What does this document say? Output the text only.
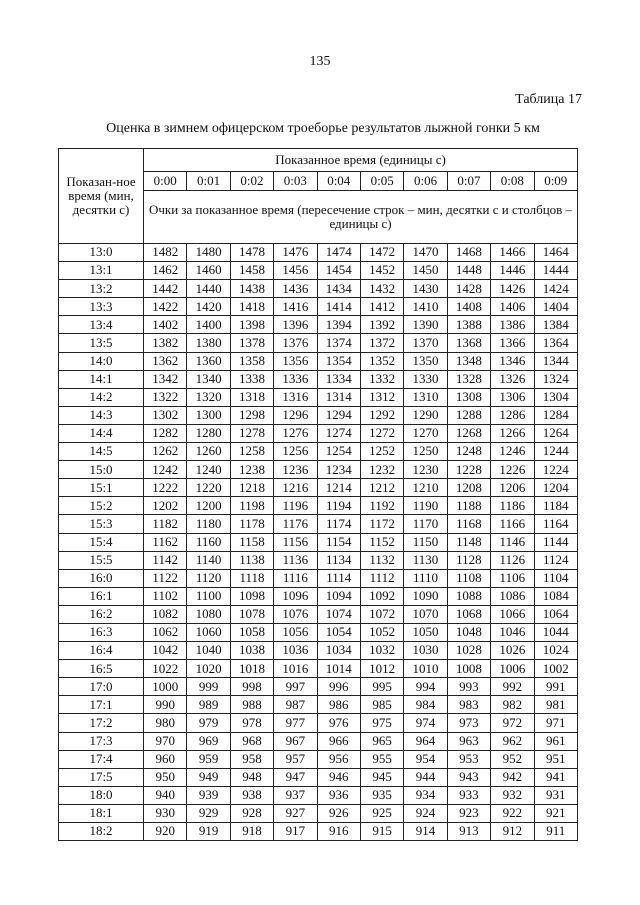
135
Таблица 17
Оценка в зимнем офицерском троеборье результатов лыжной гонки 5 км
Показан-ное время (мин, десятки с)	Показанное время (единицы с)									
	0:00	0:01	0:02	0:03	0:04	0:05	0:06	0:07	0:08	0:09
	Очки за показанное время (пересечение строк – мин, десятки с и столбцов – единицы с)									
13:0	1482	1480	1478	1476	1474	1472	1470	1468	1466	1464
13:1	1462	1460	1458	1456	1454	1452	1450	1448	1446	1444
13:2	1442	1440	1438	1436	1434	1432	1430	1428	1426	1424
13:3	1422	1420	1418	1416	1414	1412	1410	1408	1406	1404
13:4	1402	1400	1398	1396	1394	1392	1390	1388	1386	1384
13:5	1382	1380	1378	1376	1374	1372	1370	1368	1366	1364
14:0	1362	1360	1358	1356	1354	1352	1350	1348	1346	1344
14:1	1342	1340	1338	1336	1334	1332	1330	1328	1326	1324
14:2	1322	1320	1318	1316	1314	1312	1310	1308	1306	1304
14:3	1302	1300	1298	1296	1294	1292	1290	1288	1286	1284
14:4	1282	1280	1278	1276	1274	1272	1270	1268	1266	1264
14:5	1262	1260	1258	1256	1254	1252	1250	1248	1246	1244
15:0	1242	1240	1238	1236	1234	1232	1230	1228	1226	1224
15:1	1222	1220	1218	1216	1214	1212	1210	1208	1206	1204
15:2	1202	1200	1198	1196	1194	1192	1190	1188	1186	1184
15:3	1182	1180	1178	1176	1174	1172	1170	1168	1166	1164
15:4	1162	1160	1158	1156	1154	1152	1150	1148	1146	1144
15:5	1142	1140	1138	1136	1134	1132	1130	1128	1126	1124
16:0	1122	1120	1118	1116	1114	1112	1110	1108	1106	1104
16:1	1102	1100	1098	1096	1094	1092	1090	1088	1086	1084
16:2	1082	1080	1078	1076	1074	1072	1070	1068	1066	1064
16:3	1062	1060	1058	1056	1054	1052	1050	1048	1046	1044
16:4	1042	1040	1038	1036	1034	1032	1030	1028	1026	1024
16:5	1022	1020	1018	1016	1014	1012	1010	1008	1006	1002
17:0	1000	999	998	997	996	995	994	993	992	991
17:1	990	989	988	987	986	985	984	983	982	981
17:2	980	979	978	977	976	975	974	973	972	971
17:3	970	969	968	967	966	965	964	963	962	961
17:4	960	959	958	957	956	955	954	953	952	951
17:5	950	949	948	947	946	945	944	943	942	941
18:0	940	939	938	937	936	935	934	933	932	931
18:1	930	929	928	927	926	925	924	923	922	921
18:2	920	919	918	917	916	915	914	913	912	911
